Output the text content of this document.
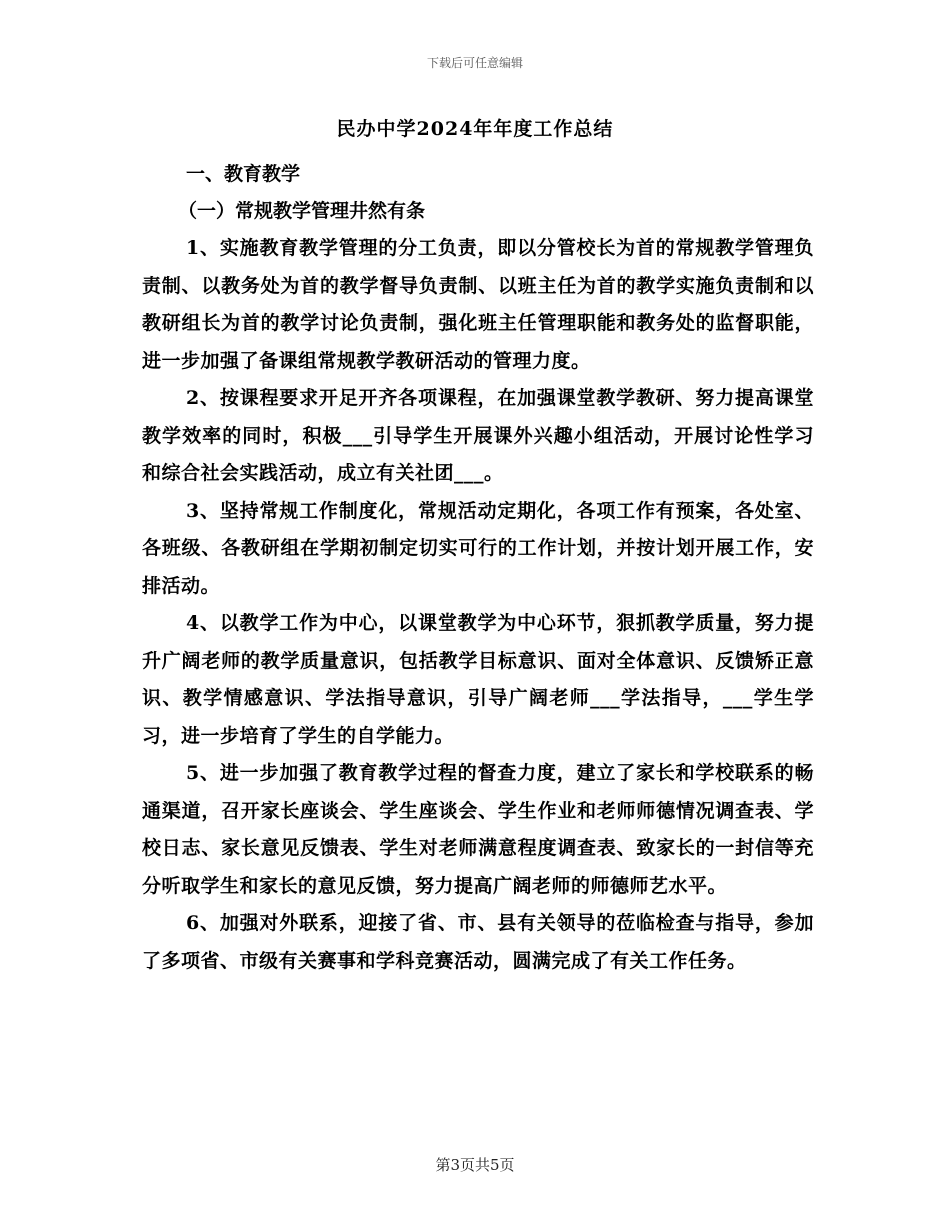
下载后可任意编辑
民办中学2024年年度工作总结

一、教育教学

（一）常规教学管理井然有条

1、实施教育教学管理的分工负责，即以分管校长为首的常规教学管理负责制、以教务处为首的教学督导负责制、以班主任为首的教学实施负责制和以教研组长为首的教学讨论负责制，强化班主任管理职能和教务处的监督职能，进一步加强了备课组常规教学教研活动的管理力度。

2、按课程要求开足开齐各项课程，在加强课堂教学教研、努力提高课堂教学效率的同时，积极___引导学生开展课外兴趣小组活动，开展讨论性学习和综合社会实践活动，成立有关社团___。

3、坚持常规工作制度化，常规活动定期化，各项工作有预案，各处室、各班级、各教研组在学期初制定切实可行的工作计划，并按计划开展工作，安排活动。

4、以教学工作为中心，以课堂教学为中心环节，狠抓教学质量，努力提升广阔老师的教学质量意识，包括教学目标意识、面对全体意识、反馈矫正意识、教学情感意识、学法指导意识，引导广阔老师___学法指导，___学生学习，进一步培育了学生的自学能力。

5、进一步加强了教育教学过程的督查力度，建立了家长和学校联系的畅通渠道，召开家长座谈会、学生座谈会、学生作业和老师师德情况调查表、学校日志、家长意见反馈表、学生对老师满意程度调查表、致家长的一封信等充分听取学生和家长的意见反馈，努力提高广阔老师的师德师艺水平。

6、加强对外联系，迎接了省、市、县有关领导的莅临检查与指导，参加了多项省、市级有关赛事和学科竞赛活动，圆满完成了有关工作任务。

第3页共5页
